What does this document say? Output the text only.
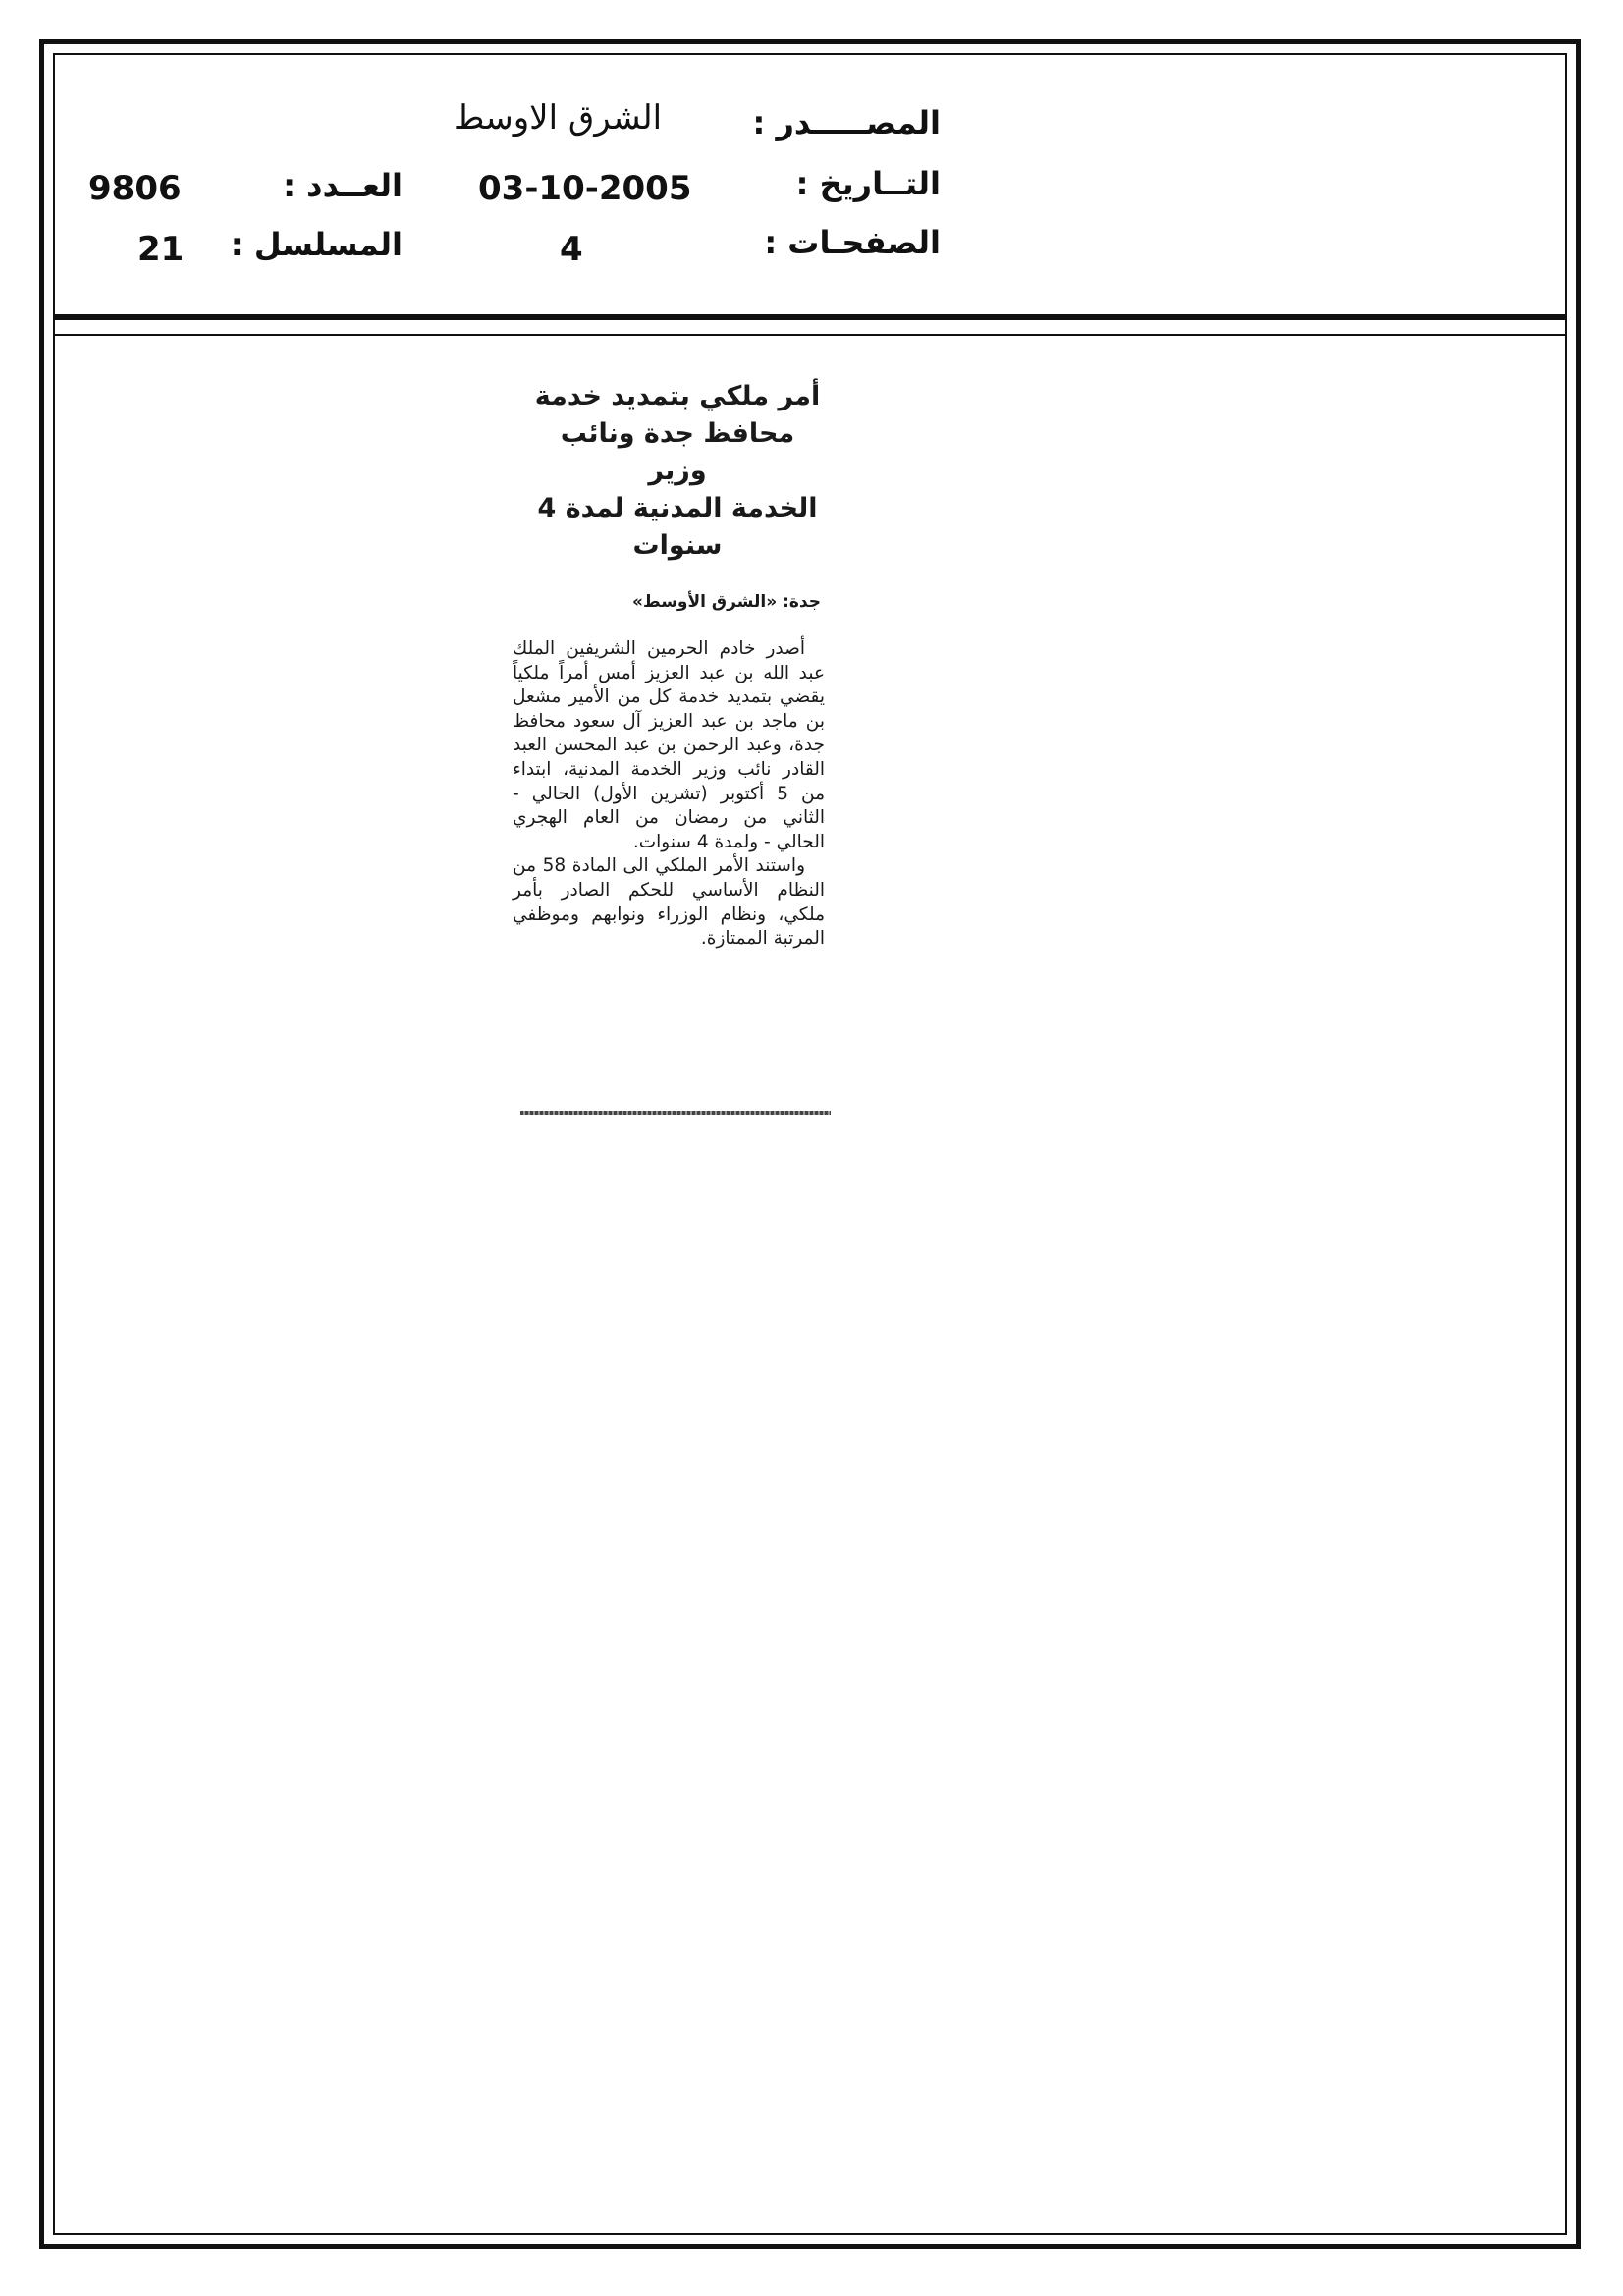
المصـــــدر :
الشرق الاوسط
التــاريخ :
03-10-2005
العــدد :
9806
الصفحـات :
4
المسلسل :
21
أمر ملكي بتمديد خدمة
محافظ جدة ونائب وزير
الخدمة المدنية لمدة 4 سنوات
جدة: «الشرق الأوسط»

أصدر خادم الحرمين الشريفين الملك عبد الله بن عبد العزيز أمس أمراً ملكياً يقضي بتمديد خدمة كل من الأمير مشعل بن ماجد بن عبد العزيز آل سعود محافظ جدة، وعبد الرحمن بن عبد المحسن العبد القادر نائب وزير الخدمة المدنية، ابتداء من 5 أكتوبر (تشرين الأول) الحالي - الثاني من رمضان من العام الهجري الحالي - ولمدة 4 سنوات.

واستند الأمر الملكي الى المادة 58 من النظام الأساسي للحكم الصادر بأمر ملكي، ونظام الوزراء ونوابهم وموظفي المرتبة الممتازة.
